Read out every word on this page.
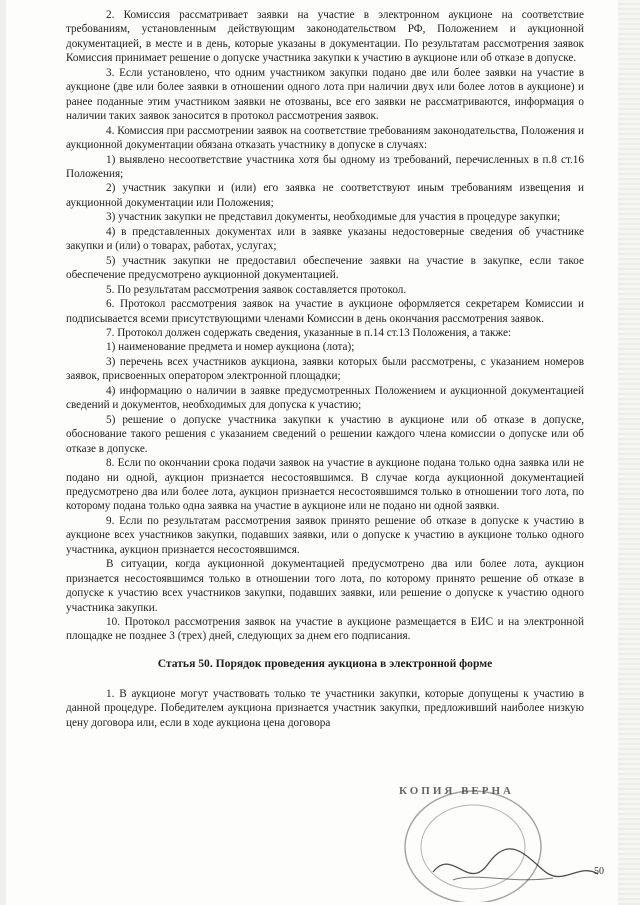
2. Комиссия рассматривает заявки на участие в электронном аукционе на соответствие требованиям, установленным действующим законодательством РФ, Положением и аукционной документацией, в месте и в день, которые указаны в документации. По результатам рассмотрения заявок Комиссия принимает решение о допуске участника закупки к участию в аукционе или об отказе в допуске.

3. Если установлено, что одним участником закупки подано две или более заявки на участие в аукционе (две или более заявки в отношении одного лота при наличии двух или более лотов в аукционе) и ранее поданные этим участником заявки не отозваны, все его заявки не рассматриваются, информация о наличии таких заявок заносится в протокол рассмотрения заявок.

4. Комиссия при рассмотрении заявок на соответствие требованиям законодательства, Положения и аукционной документации обязана отказать участнику в допуске в случаях:

1) выявлено несоответствие участника хотя бы одному из требований, перечисленных в п.8 ст.16 Положения;

2) участник закупки и (или) его заявка не соответствуют иным требованиям извещения и аукционной документации или Положения;

3) участник закупки не представил документы, необходимые для участия в процедуре закупки;

4) в представленных документах или в заявке указаны недостоверные сведения об участнике закупки и (или) о товарах, работах, услугах;

5) участник закупки не предоставил обеспечение заявки на участие в закупке, если такое обеспечение предусмотрено аукционной документацией.

5. По результатам рассмотрения заявок составляется протокол.

6. Протокол рассмотрения заявок на участие в аукционе оформляется секретарем Комиссии и подписывается всеми присутствующими членами Комиссии в день окончания рассмотрения заявок.

7. Протокол должен содержать сведения, указанные в п.14 ст.13 Положения, а также:

1) наименование предмета и номер аукциона (лота);

3) перечень всех участников аукциона, заявки которых были рассмотрены, с указанием номеров заявок, присвоенных оператором электронной площадки;

4) информацию о наличии в заявке предусмотренных Положением и аукционной документацией сведений и документов, необходимых для допуска к участию;

5) решение о допуске участника закупки к участию в аукционе или об отказе в допуске, обоснование такого решения с указанием сведений о решении каждого члена комиссии о допуске или об отказе в допуске.

8. Если по окончании срока подачи заявок на участие в аукционе подана только одна заявка или не подано ни одной, аукцион признается несостоявшимся. В случае когда аукционной документацией предусмотрено два или более лота, аукцион признается несостоявшимся только в отношении того лота, по которому подана только одна заявка на участие в аукционе или не подано ни одной заявки.

9. Если по результатам рассмотрения заявок принято решение об отказе в допуске к участию в аукционе всех участников закупки, подавших заявки, или о допуске к участию в аукционе только одного участника, аукцион признается несостоявшимся.

В ситуации, когда аукционной документацией предусмотрено два или более лота, аукцион признается несостоявшимся только в отношении того лота, по которому принято решение об отказе в допуске к участию всех участников закупки, подавших заявки, или решение о допуске к участию одного участника закупки.

10. Протокол рассмотрения заявок на участие в аукционе размещается в ЕИС и на электронной площадке не позднее 3 (трех) дней, следующих за днем его подписания.

Статья 50. Порядок проведения аукциона в электронной форме

1. В аукционе могут участвовать только те участники закупки, которые допущены к участию в данной процедуре. Победителем аукциона признается участник закупки, предложивший наиболее низкую цену договора или, если в ходе аукциона цена договора

КОПИЯ ВЕРНА
50
